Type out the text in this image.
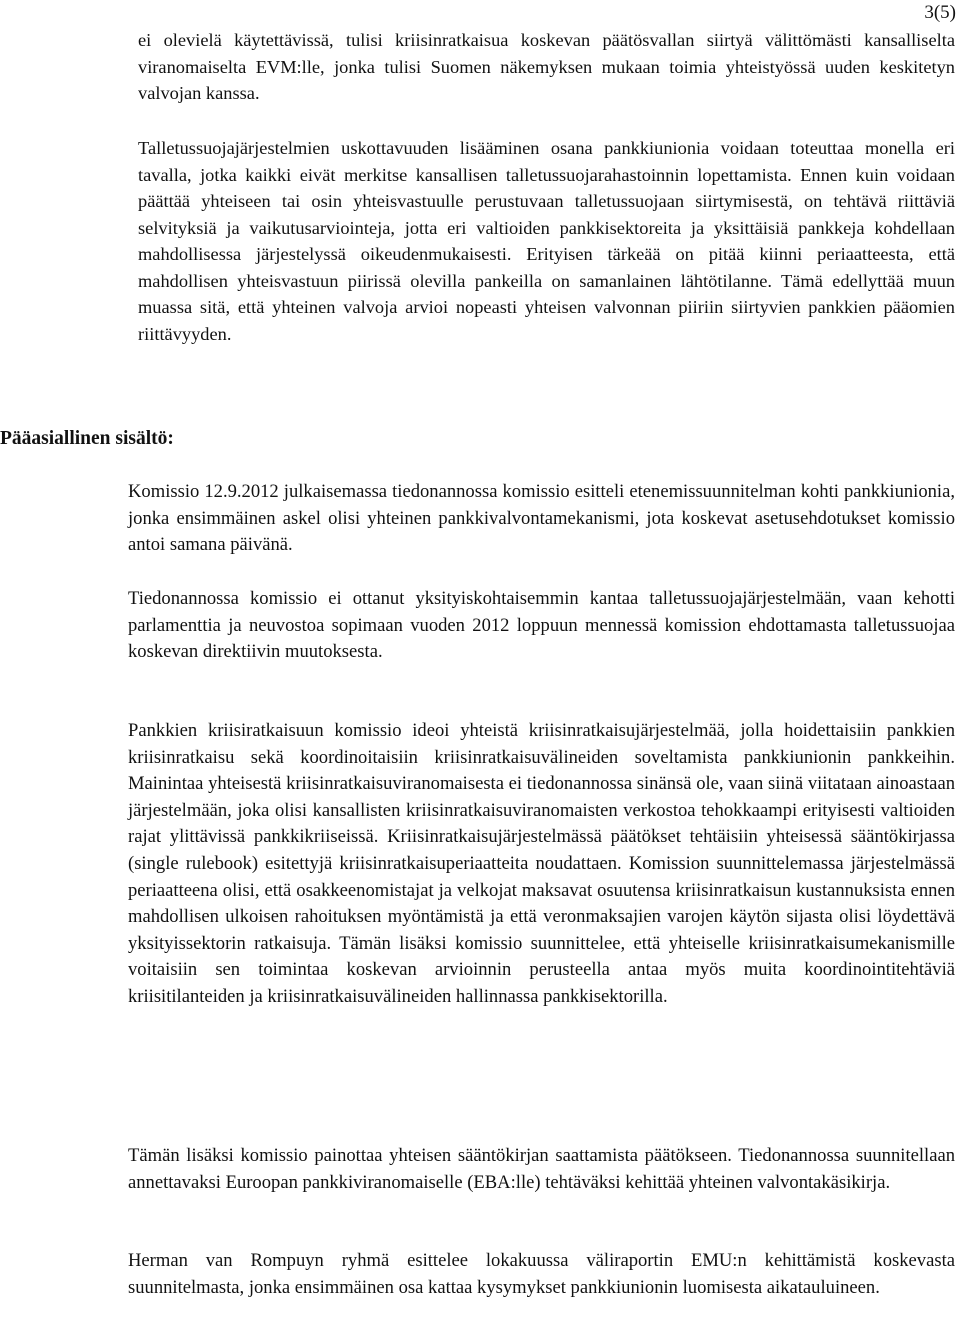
3(5)

ei olevielä käytettävissä, tulisi kriisinratkaisua koskevan päätösvallan siirtyä välittömästi kansalliselta viranomaiselta EVM:lle, jonka tulisi Suomen näkemyksen mukaan toimia yhteistyössä uuden keskitetyn valvojan kanssa.

Talletussuojajärjestelmien uskottavuuden lisääminen osana pankkiunionia voidaan toteuttaa monella eri tavalla, jotka kaikki eivät merkitse kansallisen talletussuojarahastoinnin lopettamista. Ennen kuin voidaan päättää yhteiseen tai osin yhteisvastuulle perustuvaan talletussuojaan siirtymisestä, on tehtävä riittäviä selvityksiä ja vaikutusarviointeja, jotta eri valtioiden pankkisektoreita ja yksittäisiä pankkeja kohdellaan mahdollisessa järjestelyssä oikeudenmukaisesti. Erityisen tärkeää on pitää kiinni periaatteesta, että mahdollisen yhteisvastuun piirissä olevilla pankeilla on samanlainen lähtötilanne. Tämä edellyttää muun muassa sitä, että yhteinen valvoja arvioi nopeasti yhteisen valvonnan piiriin siirtyvien pankkien pääomien riittävyyden.

Pääasiallinen sisältö:

Komissio 12.9.2012 julkaisemassa tiedonannossa komissio esitteli etenemissuunnitelman kohti pankkiunionia, jonka ensimmäinen askel olisi yhteinen pankkivalvontamekanismi, jota koskevat asetusehdotukset komissio antoi samana päivänä.

Tiedonannossa komissio ei ottanut yksityiskohtaisemmin kantaa talletussuojajärjestelmään, vaan kehotti parlamenttia ja neuvostoa sopimaan vuoden 2012 loppuun mennessä komission ehdottamasta talletussuojaa koskevan direktiivin muutoksesta.

Pankkien kriisiratkaisuun komissio ideoi yhteistä kriisinratkaisujärjestelmää, jolla hoidettaisiin pankkien kriisinratkaisu sekä koordinoitaisiin kriisinratkaisuvälineiden soveltamista pankkiunionin pankkeihin. Mainintaa yhteisestä kriisinratkaisuviranomaisesta ei tiedonannossa sinänsä ole, vaan siinä viitataan ainoastaan järjestelmään, joka olisi kansallisten kriisinratkaisuviranomaisten verkostoa tehokkaampi erityisesti valtioiden rajat ylittävissä pankkikriiseissä. Kriisinratkaisujärjestelmässä päätökset tehtäisiin yhteisessä sääntökirjassa (single rulebook) esitettyjä kriisinratkaisuperiaatteita noudattaen. Komission suunnittelemassa järjestelmässä periaatteena olisi, että osakkeenomistajat ja velkojat maksavat osuutensa kriisinratkaisun kustannuksista ennen mahdollisen ulkoisen rahoituksen myöntämistä ja että veronmaksajien varojen käytön sijasta olisi löydettävä yksityissektorin ratkaisuja. Tämän lisäksi komissio suunnittelee, että yhteiselle kriisinratkaisumekanismille voitaisiin sen toimintaa koskevan arvioinnin perusteella antaa myös muita koordinointitehtäviä kriisitilanteiden ja kriisinratkaisuvälineiden hallinnassa pankkisektorilla.

Tämän lisäksi komissio painottaa yhteisen sääntökirjan saattamista päätökseen. Tiedonannossa suunnitellaan annettavaksi Euroopan pankkiviranomaiselle (EBA:lle) tehtäväksi kehittää yhteinen valvontakäsikirja.

Herman van Rompuyn ryhmä esittelee lokakuussa väliraportin EMU:n kehittämistä koskevasta suunnitelmasta, jonka ensimmäinen osa kattaa kysymykset pankkiunionin luomisesta aikatauluineen.
